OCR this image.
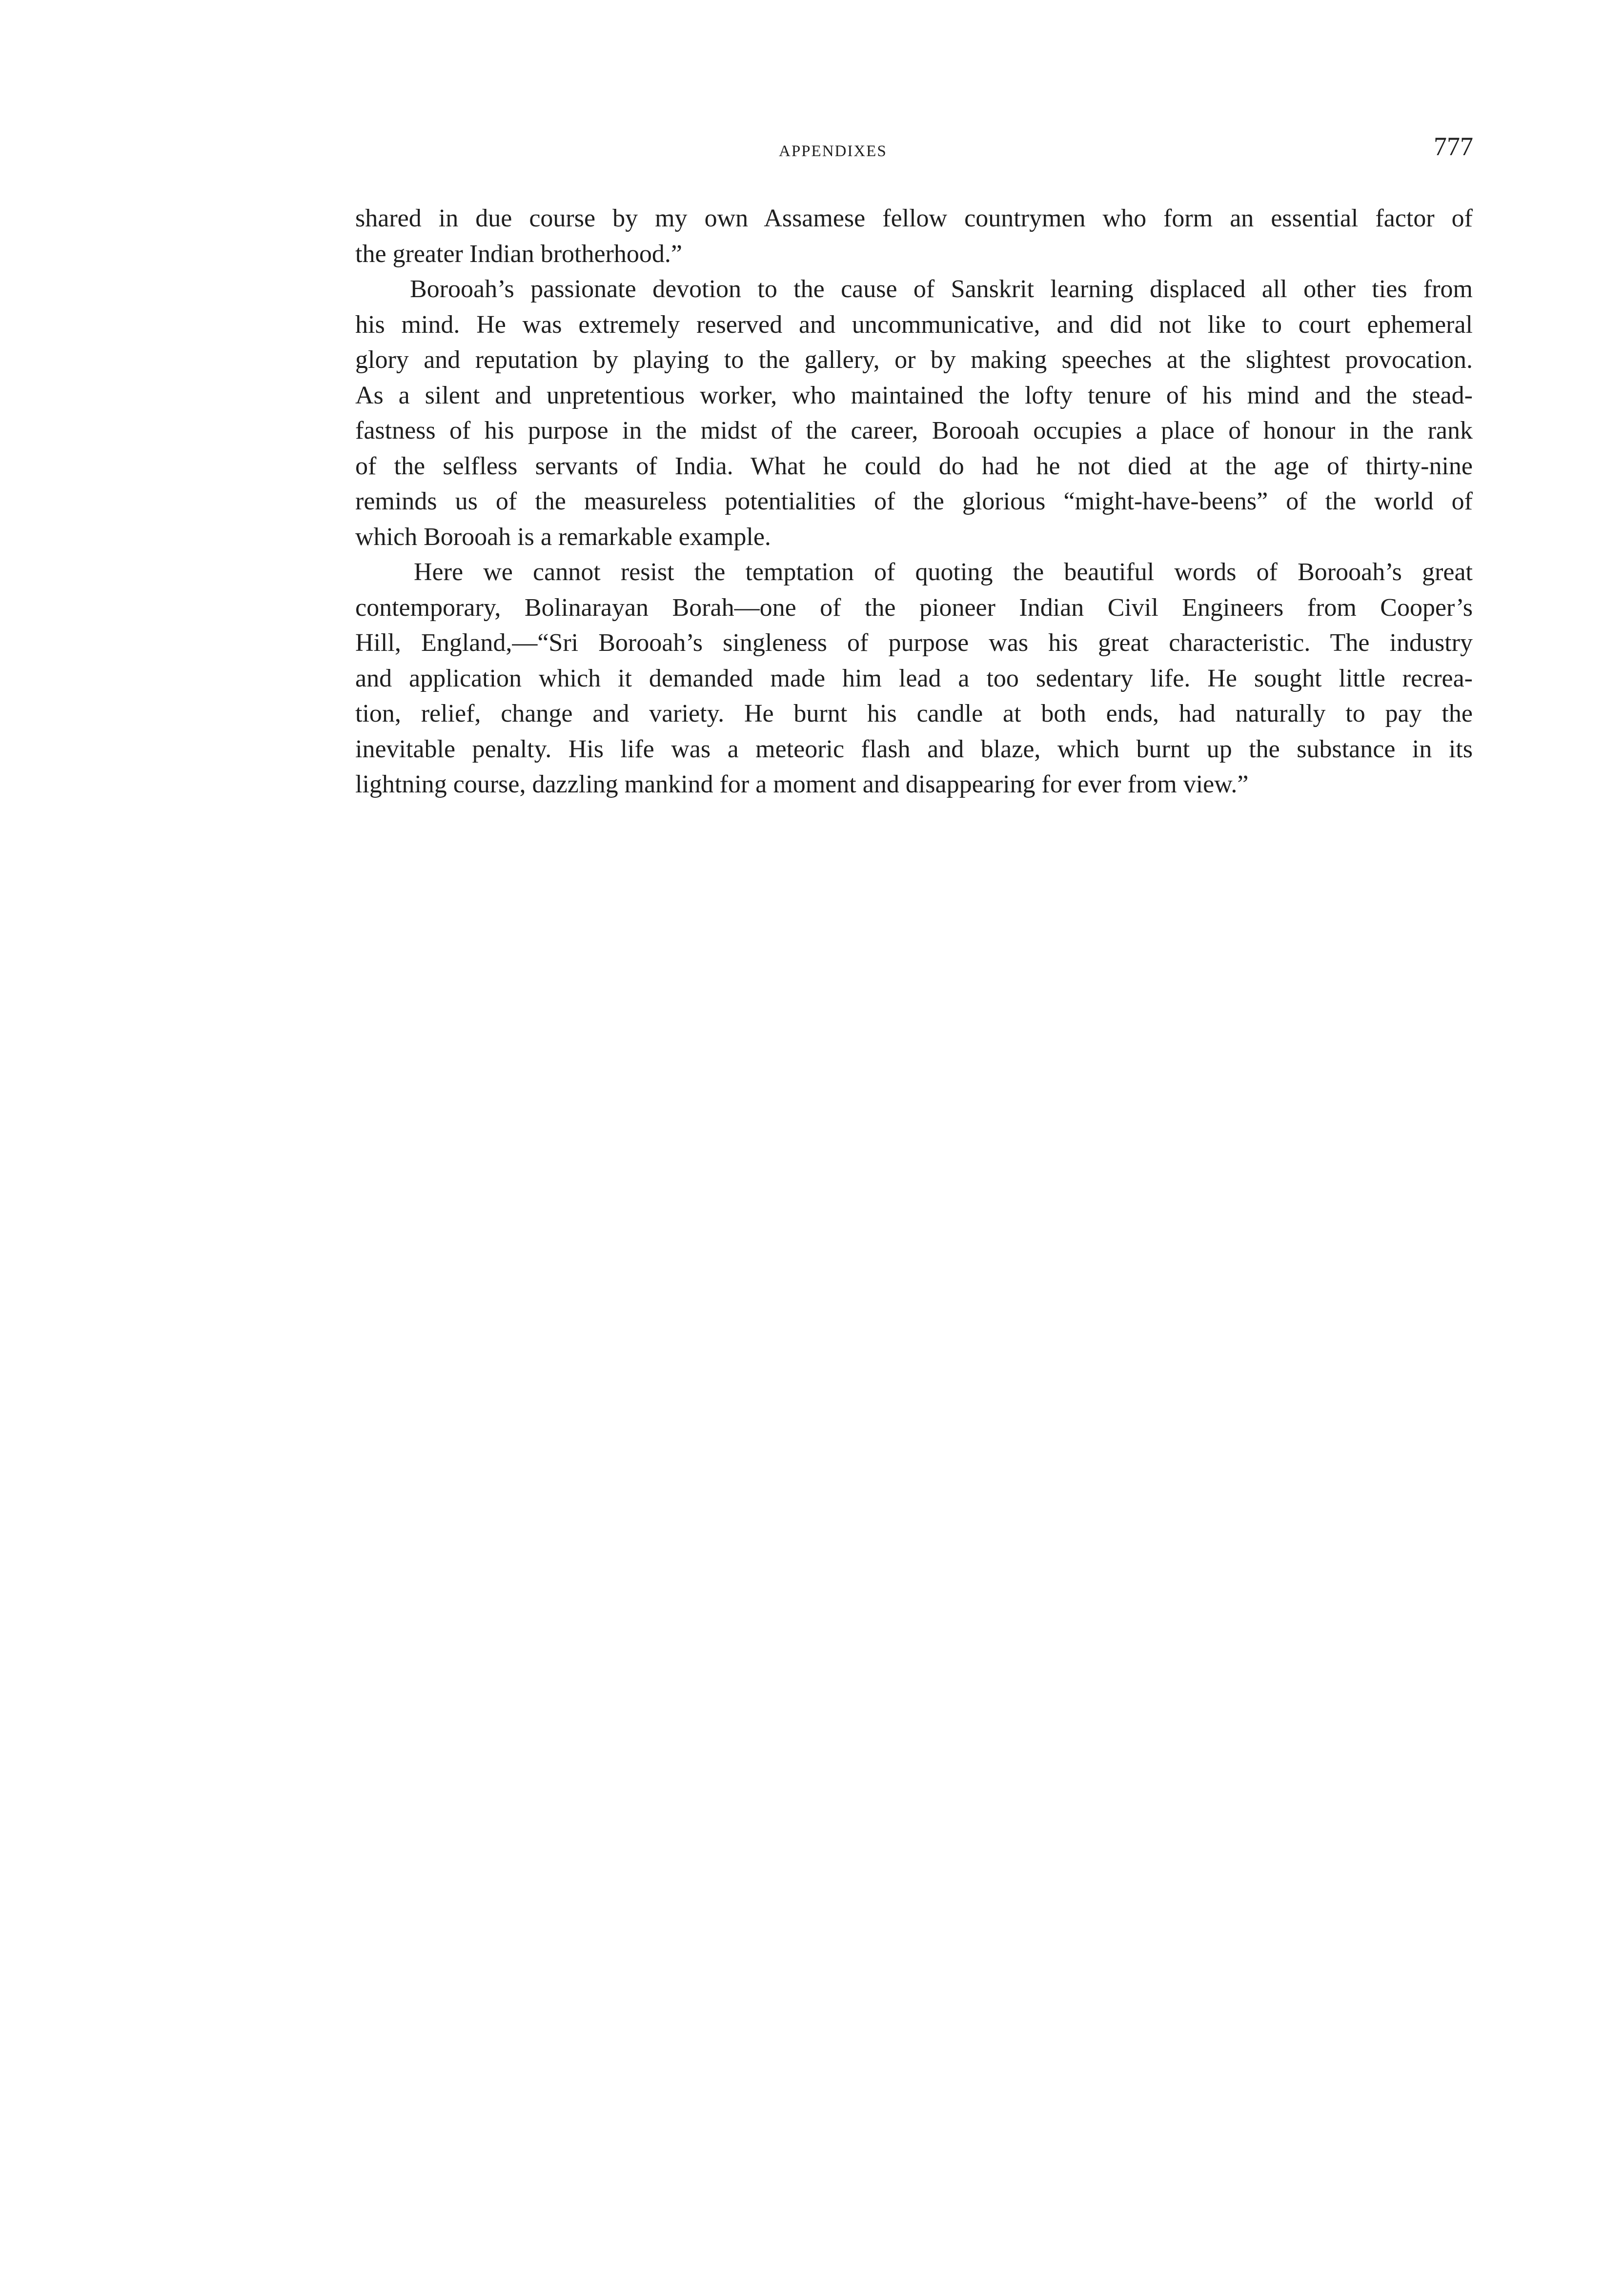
APPENDIXES	777
shared in due course by my own Assamese fellow countrymen who form an essential factor of
the greater Indian brotherhood.”
Borooah’s passionate devotion to the cause of Sanskrit learning displaced all other ties from
his mind. He was extremely reserved and uncommunicative, and did not like to court ephemeral
glory and reputation by playing to the gallery, or by making speeches at the slightest provocation.
As a silent and unpretentious worker, who maintained the lofty tenure of his mind and the stead-
fastness of his purpose in the midst of the career, Borooah occupies a place of honour in the rank
of the selfless servants of India. What he could do had he not died at the age of thirty-nine
reminds us of the measureless potentialities of the glorious “might-have-beens” of the world of
which Borooah is a remarkable example.
Here we cannot resist the temptation of quoting the beautiful words of Borooah’s great
contemporary, Bolinarayan Borah—one of the pioneer Indian Civil Engineers from Cooper’s
Hill, England,—“Sri Borooah’s singleness of purpose was his great characteristic. The industry
and application which it demanded made him lead a too sedentary life. He sought little recrea-
tion, relief, change and variety. He burnt his candle at both ends, had naturally to pay the
inevitable penalty. His life was a meteoric flash and blaze, which burnt up the substance in its
lightning course, dazzling mankind for a moment and disappearing for ever from view.”
